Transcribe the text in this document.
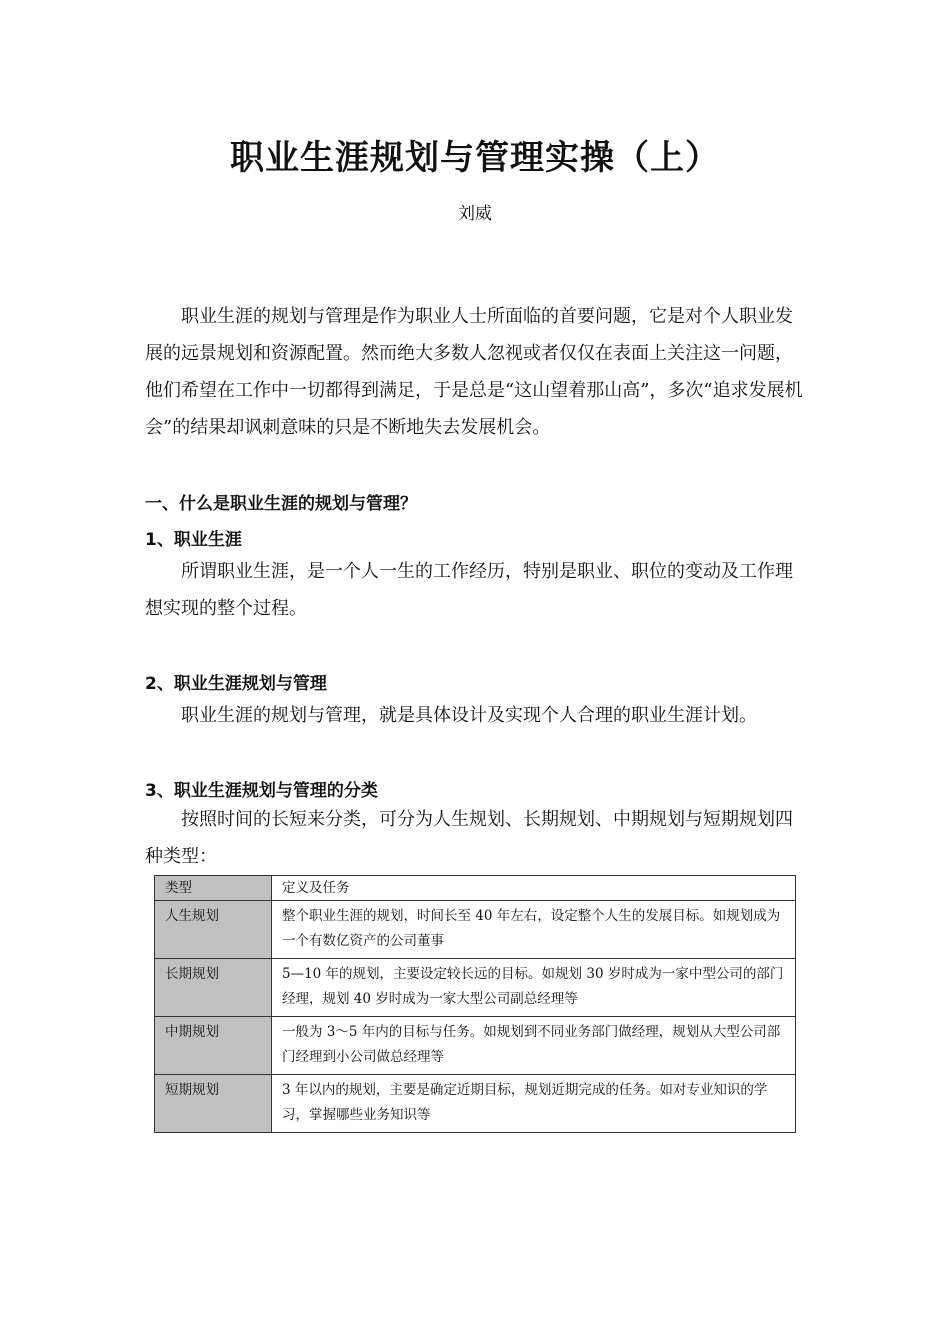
职业生涯规划与管理实操（上）
刘威

职业生涯的规划与管理是作为职业人士所面临的首要问题，它是对个人职业发展的远景规划和资源配置。然而绝大多数人忽视或者仅仅在表面上关注这一问题，他们希望在工作中一切都得到满足，于是总是“这山望着那山高”，多次“追求发展机会”的结果却讽刺意味的只是不断地失去发展机会。

一、什么是职业生涯的规划与管理？

1、职业生涯

所谓职业生涯，是一个人一生的工作经历，特别是职业、职位的变动及工作理想实现的整个过程。

2、职业生涯规划与管理

职业生涯的规划与管理，就是具体设计及实现个人合理的职业生涯计划。

3、职业生涯规划与管理的分类

按照时间的长短来分类，可分为人生规划、长期规划、中期规划与短期规划四种类型：

类型	定义及任务
人生规划	整个职业生涯的规划，时间长至 40 年左右，设定整个人生的发展目标。如规划成为一个有数亿资产的公司董事
长期规划	5—10 年的规划，主要设定较长远的目标。如规划 30 岁时成为一家中型公司的部门经理，规划 40 岁时成为一家大型公司副总经理等
中期规划	一般为 3～5 年内的目标与任务。如规划到不同业务部门做经理，规划从大型公司部门经理到小公司做总经理等
短期规划	3 年以内的规划，主要是确定近期目标，规划近期完成的任务。如对专业知识的学习，掌握哪些业务知识等
